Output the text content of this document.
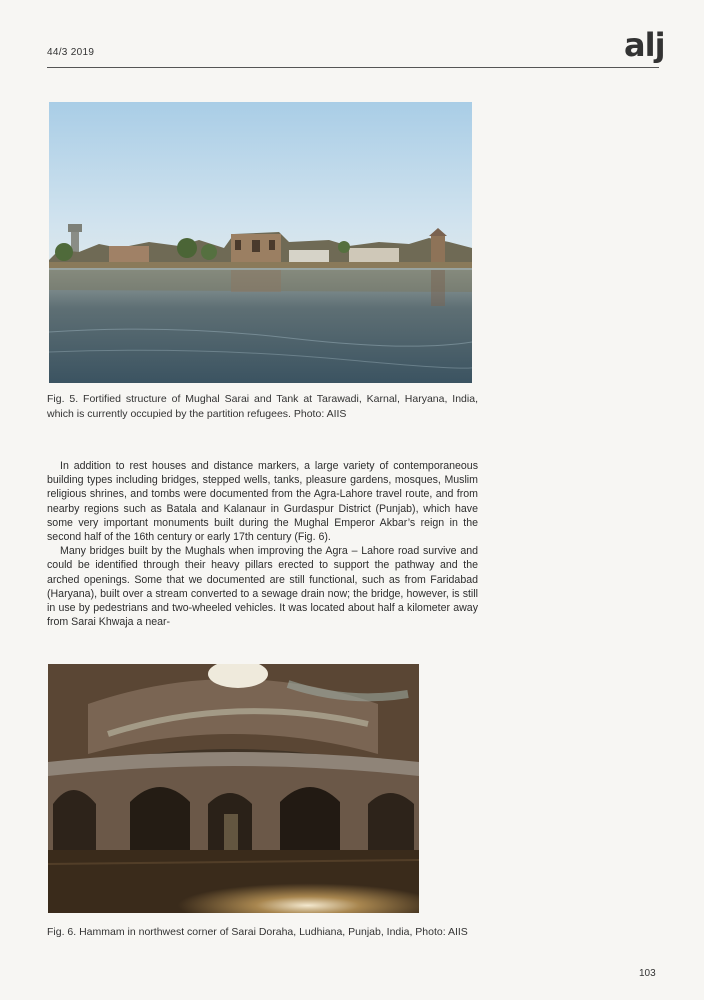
44/3 2019	alj
Fig. 5. Fortified structure of Mughal Sarai and Tank at Tarawadi, Karnal, Haryana, India, which is currently occupied by the partition refugees. Photo: AIIS

In addition to rest houses and distance markers, a large variety of contemporaneous building types including bridges, stepped wells, tanks, pleasure gardens, mosques, Muslim religious shrines, and tombs were documented from the Agra-Lahore travel route, and from nearby regions such as Batala and Kalanaur in Gurdaspur District (Punjab), which have some very important monuments built during the Mughal Emperor Akbar’s reign in the second half of the 16th century or early 17th century (Fig. 6).

Many bridges built by the Mughals when improving the Agra – Lahore road survive and could be identified through their heavy pillars erected to support the pathway and the arched openings. Some that we documented are still functional, such as from Faridabad (Haryana), built over a stream converted to a sewage drain now; the bridge, however, is still in use by pedestrians and two-wheeled vehicles. It was located about half a kilometer away from Sarai Khwaja a near-

Fig. 6. Hammam in northwest corner of Sarai Doraha, Ludhiana, Punjab, India, Photo: AIIS
103
